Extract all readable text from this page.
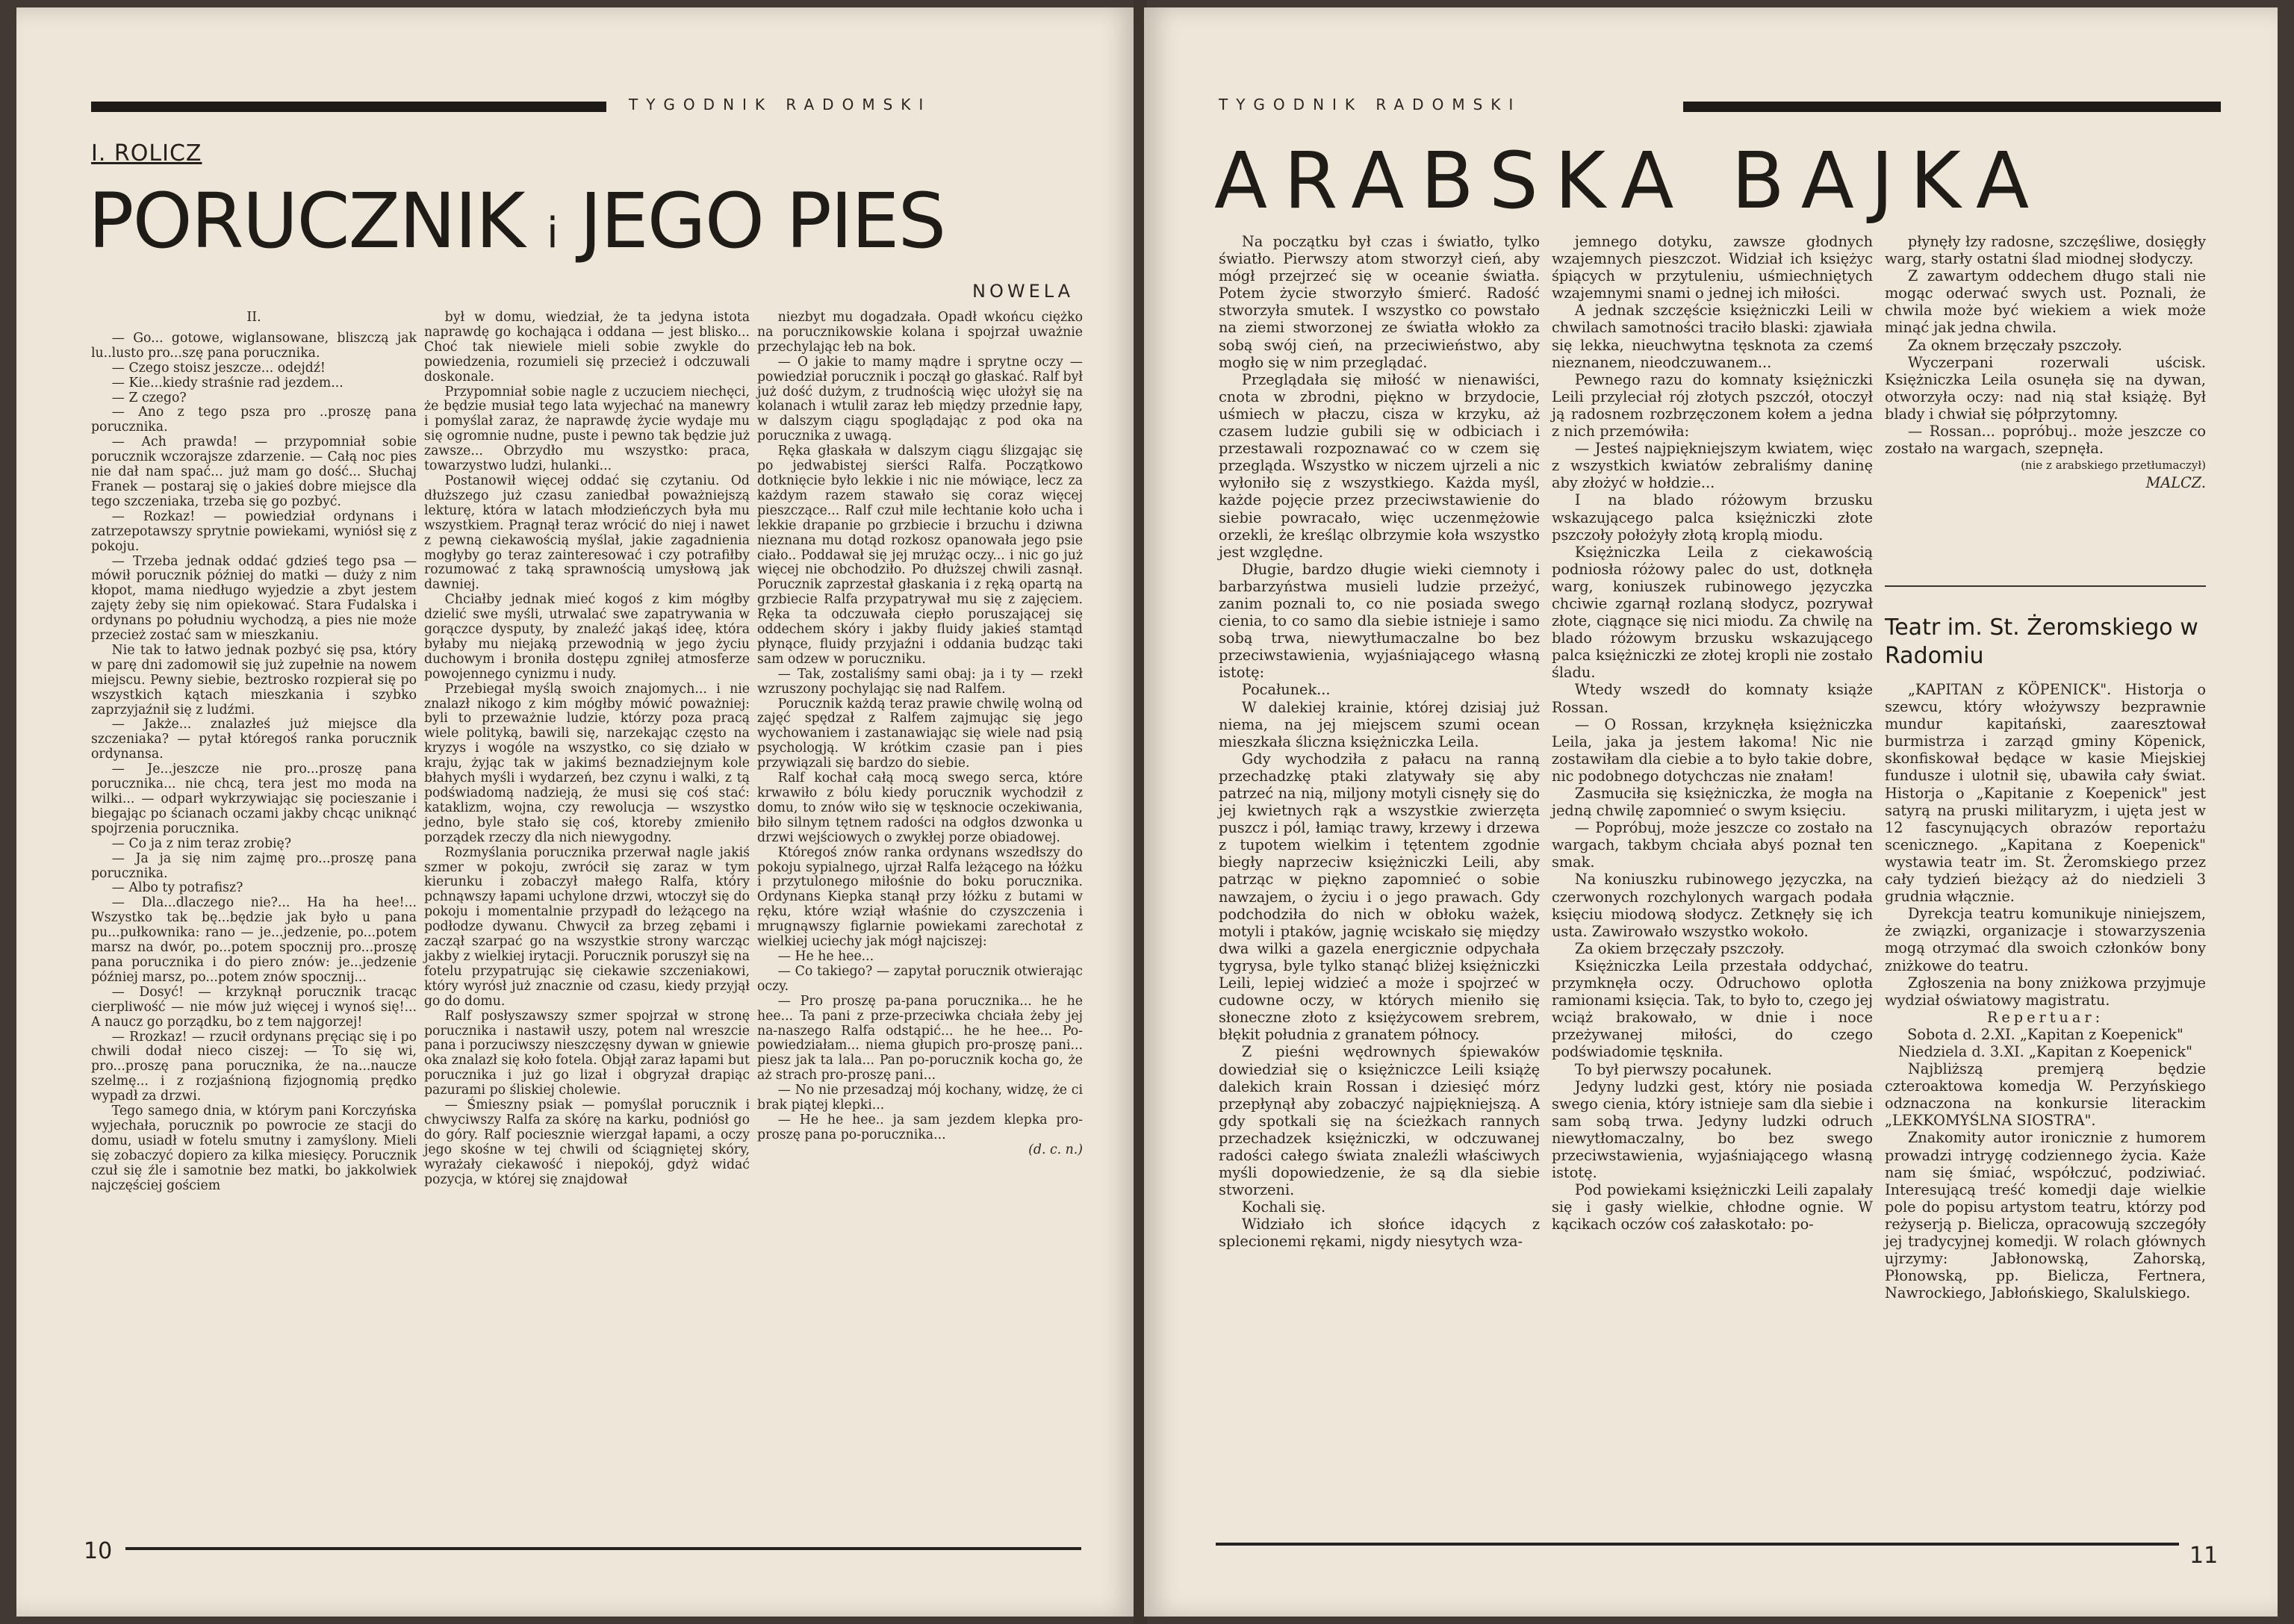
TYGODNIK RADOMSKI
I. ROLICZ
PORUCZNIK i JEGO PIES
NOWELA

II.

— Go... gotowe, wiglansowane, bliszczą jak lu..lusto pro...szę pana porucznika.

— Czego stoisz jeszcze... odejdź!

— Kie...kiedy straśnie rad jezdem...

— Z czego?

— Ano z tego psza pro ..proszę pana porucznika.

— Ach prawda! — przypomniał sobie porucznik wczorajsze zdarzenie. — Całą noc pies nie dał nam spać... już mam go dość... Słuchaj Franek — postaraj się o jakieś dobre miejsce dla tego szczeniaka, trzeba się go pozbyć.

— Rozkaz! — powiedział ordynans i zatrzepotawszy sprytnie powiekami, wyniósł się z pokoju.

— Trzeba jednak oddać gdzieś tego psa — mówił porucznik później do matki — duży z nim kłopot, mama niedługo wyjedzie a zbyt jestem zajęty żeby się nim opiekować. Stara Fudalska i ordynans po południu wychodzą, a pies nie może przecież zostać sam w mieszkaniu.

Nie tak to łatwo jednak pozbyć się psa, który w parę dni zadomowił się już zupełnie na nowem miejscu. Pewny siebie, beztrosko rozpierał się po wszystkich kątach mieszkania i szybko zaprzyjaźnił się z ludźmi.

— Jakże... znalazłeś już miejsce dla szczeniaka? — pytał któregoś ranka porucznik ordynansa.

— Je...jeszcze nie pro...proszę pana porucznika... nie chcą, tera jest mo moda na wilki... — odparł wykrzywiając się pocieszanie i biegając po ścianach oczami jakby chcąc uniknąć spojrzenia porucznika.

— Co ja z nim teraz zrobię?

— Ja ja się nim zajmę pro...proszę pana porucznika.

— Albo ty potrafisz?

— Dla...dlaczego nie?... Ha ha hee!... Wszystko tak bę...będzie jak było u pana pu...pułkownika: rano — je...jedzenie, po...potem marsz na dwór, po...potem spocznij pro...proszę pana porucznika i do piero znów: je...jedzenie później marsz, po...potem znów spocznij...

— Dosyć! — krzyknął porucznik tracąc cierpliwość — nie mów już więcej i wynoś się!... A naucz go porządku, bo z tem najgorzej!

— Rrozkaz! — rzucił ordynans pręciąc się i po chwili dodał nieco ciszej: — To się wi, pro...proszę pana porucznika, że na...naucze szelmę... i z rozjaśnioną fizjognomią prędko wypadł za drzwi.

Tego samego dnia, w którym pani Korczyńska wyjechała, porucznik po powrocie ze stacji do domu, usiadł w fotelu smutny i zamyślony. Mieli się zobaczyć dopiero za kilka miesięcy. Porucznik czuł się źle i samotnie bez matki, bo jakkolwiek najczęściej gościem

był w domu, wiedział, że ta jedyna istota naprawdę go kochająca i oddana — jest blisko... Choć tak niewiele mieli sobie zwykle do powiedzenia, rozumieli się przecież i odczuwali doskonale.

Przypomniał sobie nagle z uczuciem niechęci, że będzie musiał tego lata wyjechać na manewry i pomyślał zaraz, że naprawdę życie wydaje mu się ogromnie nudne, puste i pewno tak będzie już zawsze... Obrzydło mu wszystko: praca, towarzystwo ludzi, hulanki...

Postanowił więcej oddać się czytaniu. Od dłuższego już czasu zaniedbał poważniejszą lekturę, która w latach młodzieńczych była mu wszystkiem. Pragnął teraz wrócić do niej i nawet z pewną ciekawością myślał, jakie zagadnienia mogłyby go teraz zainteresować i czy potrafiłby rozumować z taką sprawnością umysłową jak dawniej.

Chciałby jednak mieć kogoś z kim mógłby dzielić swe myśli, utrwalać swe zapatrywania w gorączce dysputy, by znaleźć jakąś ideę, która byłaby mu niejaką przewodnią w jego życiu duchowym i broniła dostępu zgniłej atmosferze powojennego cynizmu i nudy.

Przebiegał myślą swoich znajomych... i nie znalazł nikogo z kim mógłby mówić poważniej: byli to przeważnie ludzie, którzy poza pracą wiele polityką, bawili się, narzekając często na kryzys i wogóle na wszystko, co się działo w kraju, żyjąc tak w jakimś beznadziejnym kole błahych myśli i wydarzeń, bez czynu i walki, z tą podświadomą nadzieją, że musi się coś stać: kataklizm, wojna, czy rewolucja — wszystko jedno, byle stało się coś, ktoreby zmieniło porządek rzeczy dla nich niewygodny.

Rozmyślania porucznika przerwał nagle jakiś szmer w pokoju, zwrócił się zaraz w tym kierunku i zobaczył małego Ralfa, który pchnąwszy łapami uchylone drzwi, wtoczył się do pokoju i momentalnie przypadł do leżącego na podłodze dywanu. Chwycił za brzeg zębami i zaczął szarpać go na wszystkie strony warcząc jakby z wielkiej irytacji. Porucznik poruszył się na fotelu przypatrując się ciekawie szczeniakowi, który wyrósł już znacznie od czasu, kiedy przyjął go do domu.

Ralf posłyszawszy szmer spojrzał w stronę porucznika i nastawił uszy, potem nal wreszcie pana i porzuciwszy nieszczęsny dywan w gniewie oka znalazł się koło fotela. Objął zaraz łapami but porucznika i już go lizał i obgryzał drapiąc pazurami po śliskiej cholewie.

— Śmieszny psiak — pomyślał porucznik i chwyciwszy Ralfa za skórę na karku, podniósł go do góry. Ralf pociesznie wierzgał łapami, a oczy jego skośne w tej chwili od ściągniętej skóry, wyrażały ciekawość i niepokój, gdyż widać pozycja, w której się znajdował

niezbyt mu dogadzała. Opadł wkońcu ciężko na porucznikowskie kolana i spojrzał uważnie przechylając łeb na bok.

— O jakie to mamy mądre i sprytne oczy — powiedział porucznik i począł go głaskać. Ralf był już dość dużym, z trudnością więc ułożył się na kolanach i wtulił zaraz łeb między przednie łapy, w dalszym ciągu spoglądając z pod oka na porucznika z uwagą.

Ręka głaskała w dalszym ciągu ślizgając się po jedwabistej sierści Ralfa. Początkowo dotknięcie było lekkie i nic nie mówiące, lecz za każdym razem stawało się coraz więcej pieszczące... Ralf czuł mile łechtanie koło ucha i lekkie drapanie po grzbiecie i brzuchu i dziwna nieznana mu dotąd rozkosz opanowała jego psie ciało.. Poddawał się jej mrużąc oczy... i nic go już więcej nie obchodziło. Po dłuższej chwili zasnął. Porucznik zaprzestał głaskania i z ręką opartą na grzbiecie Ralfa przypatrywał mu się z zajęciem. Ręka ta odczuwała ciepło poruszającej się oddechem skóry i jakby fluidy jakieś stamtąd płynące, fluidy przyjaźni i oddania budząc taki sam odzew w poruczniku.

— Tak, zostaliśmy sami obaj: ja i ty — rzekł wzruszony pochylając się nad Ralfem.

Porucznik każdą teraz prawie chwilę wolną od zajęć spędzał z Ralfem zajmując się jego wychowaniem i zastanawiając się wiele nad psią psychologją. W krótkim czasie pan i pies przywiązali się bardzo do siebie.

Ralf kochał całą mocą swego serca, które krwawiło z bólu kiedy porucznik wychodził z domu, to znów wiło się w tęsknocie oczekiwania, biło silnym tętnem radości na odgłos dzwonka u drzwi wejściowych o zwykłej porze obiadowej.

Któregoś znów ranka ordynans wszedłszy do pokoju sypialnego, ujrzał Ralfa leżącego na łóżku i przytulonego miłośnie do boku porucznika. Ordynans Kiepka stanął przy łóżku z butami w ręku, które wziął właśnie do czyszczenia i mrugnąwszy figlarnie powiekami zarechotał z wielkiej uciechy jak mógł najciszej:

— He he hee...

— Co takiego? — zapytał porucznik otwierając oczy.

— Pro proszę pa-pana porucznika... he he hee... Ta pani z prze-przeciwka chciała żeby jej na-naszego Ralfa odstąpić... he he hee... Po-powiedziałam... niema głupich pro-proszę pani... piesz jak ta lala... Pan po-porucznik kocha go, że aż strach pro-proszę pani...

— No nie przesadzaj mój kochany, widzę, że ci brak piątej klepki...

— He he hee.. ja sam jezdem klepka pro-proszę pana po-porucznika...

(d. c. n.)

10
TYGODNIK RADOMSKI
ARABSKA BAJKA

Na początku był czas i światło, tylko światło. Pierwszy atom stworzył cień, aby mógł przejrzeć się w oceanie światła. Potem życie stworzyło śmierć. Radość stworzyła smutek. I wszystko co powstało na ziemi stworzonej ze światła włokło za sobą swój cień, na przeciwieństwo, aby mogło się w nim przeglądać.

Przeglądała się miłość w nienawiści, cnota w zbrodni, piękno w brzydocie, uśmiech w płaczu, cisza w krzyku, aż czasem ludzie gubili się w odbiciach i przestawali rozpoznawać co w czem się przegląda. Wszystko w niczem ujrzeli a nic wyłoniło się z wszystkiego. Każda myśl, każde pojęcie przez przeciwstawienie do siebie powracało, więc uczenmężowie orzekli, że kreśląc olbrzymie koła wszystko jest względne.

Długie, bardzo długie wieki ciemnoty i barbarzyństwa musieli ludzie przeżyć, zanim poznali to, co nie posiada swego cienia, to co samo dla siebie istnieje i samo sobą trwa, niewytłumaczalne bo bez przeciwstawienia, wyjaśniającego własną istotę:

Pocałunek...

W dalekiej krainie, której dzisiaj już niema, na jej miejscem szumi ocean mieszkała śliczna księżniczka Leila.

Gdy wychodziła z pałacu na ranną przechadzkę ptaki zlatywały się aby patrzeć na nią, miljony motyli cisnęły się do jej kwietnych rąk a wszystkie zwierzęta puszcz i pól, łamiąc trawy, krzewy i drzewa z tupotem wielkim i tętentem zgodnie biegły naprzeciw księżniczki Leili, aby patrząc w piękno zapomnieć o sobie nawzajem, o życiu i o jego prawach. Gdy podchodziła do nich w obłoku ważek, motyli i ptaków, jagnię wciskało się między dwa wilki a gazela energicznie odpychała tygrysa, byle tylko stanąć bliżej księżniczki Leili, lepiej widzieć a może i spojrzeć w cudowne oczy, w których mieniło się słoneczne złoto z księżycowem srebrem, błękit południa z granatem północy.

Z pieśni wędrownych śpiewaków dowiedział się o księżniczce Leili książę dalekich krain Rossan i dziesięć mórz przepłynął aby zobaczyć najpiękniejszą. A gdy spotkali się na ścieżkach rannych przechadzek księżniczki, w odczuwanej radości całego świata znaleźli właściwych myśli dopowiedzenie, że są dla siebie stworzeni.

Kochali się.

Widziało ich słońce idących z splecionemi rękami, nigdy niesytych wza-

jemnego dotyku, zawsze głodnych wzajemnych pieszczot. Widział ich księżyc śpiących w przytuleniu, uśmiechniętych wzajemnymi snami o jednej ich miłości.

A jednak szczęście księżniczki Leili w chwilach samotności traciło blaski: zjawiała się lekka, nieuchwytna tęsknota za czemś nieznanem, nieodczuwanem...

Pewnego razu do komnaty księżniczki Leili przyleciał rój złotych pszczół, otoczył ją radosnem rozbrzęczonem kołem a jedna z nich przemówiła:

— Jesteś najpiękniejszym kwiatem, więc z wszystkich kwiatów zebraliśmy daninę aby złożyć w hołdzie...

I na blado różowym brzusku wskazującego palca księżniczki złote pszczoły położyły złotą kroplą miodu.

Księżniczka Leila z ciekawością podniosła różowy palec do ust, dotknęła warg, koniuszek rubinowego języczka chciwie zgarnął rozlaną słodycz, pozrywał złote, ciągnące się nici miodu. Za chwilę na blado różowym brzusku wskazującego palca księżniczki ze złotej kropli nie zostało śladu.

Wtedy wszedł do komnaty książe Rossan.

— O Rossan, krzyknęła księżniczka Leila, jaka ja jestem łakoma! Nic nie zostawiłam dla ciebie a to było takie dobre, nic podobnego dotychczas nie znałam!

Zasmuciła się księżniczka, że mogła na jedną chwilę zapomnieć o swym księciu.

— Popróbuj, może jeszcze co zostało na wargach, takbym chciała abyś poznał ten smak.

Na koniuszku rubinowego języczka, na czerwonych rozchylonych wargach podała księciu miodową słodycz. Zetknęły się ich usta. Zawirowało wszystko wokoło.

Za okiem brzęczały pszczoły.

Księżniczka Leila przestała oddychać, przymknęła oczy. Odruchowo oplotła ramionami księcia. Tak, to było to, czego jej wciąż brakowało, w dnie i noce przeżywanej miłości, do czego podświadomie tęskniła.

To był pierwszy pocałunek.

Jedyny ludzki gest, który nie posiada swego cienia, który istnieje sam dla siebie i sam sobą trwa. Jedyny ludzki odruch niewytłomaczalny, bo bez swego przeciwstawienia, wyjaśniającego własną istotę.

Pod powiekami księżniczki Leili zapalały się i gasły wielkie, chłodne ognie. W kącikach oczów coś załaskotało: po-

płynęły łzy radosne, szczęśliwe, dosięgły warg, starły ostatni ślad miodnej słodyczy.

Z zawartym oddechem długo stali nie mogąc oderwać swych ust. Poznali, że chwila może być wiekiem a wiek może minąć jak jedna chwila.

Za oknem brzęczały pszczoły.

Wyczerpani rozerwali uścisk. Księżniczka Leila osunęła się na dywan, otworzyła oczy: nad nią stał książę. Był blady i chwiał się półprzytomny.

— Rossan... popróbuj.. może jeszcze co zostało na wargach, szepnęła.

(nie z arabskiego przetłumaczył)

MALCZ.

Teatr im. St. Żeromskiego w Radomiu

„KAPITAN z KÖPENICK". Historja o szewcu, który włożywszy bezprawnie mundur kapitański, zaaresztował burmistrza i zarząd gminy Köpenick, skonfiskował będące w kasie Miejskiej fundusze i ulotnił się, ubawiła cały świat. Historja o „Kapitanie z Koepenick" jest satyrą na pruski militaryzm, i ujęta jest w 12 fascynujących obrazów reportażu scenicznego. „Kapitana z Koepenick" wystawia teatr im. St. Żeromskiego przez cały tydzień bieżący aż do niedzieli 3 grudnia włącznie.

Dyrekcja teatru komunikuje niniejszem, że związki, organizacje i stowarzyszenia mogą otrzymać dla swoich członków bony zniżkowe do teatru.

Zgłoszenia na bony zniżkowa przyjmuje wydział oświatowy magistratu.

Repertuar:

Sobota d. 2.XI. „Kapitan z Koepenick"

Niedziela d. 3.XI. „Kapitan z Koepenick"

Najbliższą premjerą będzie czteroaktowa komedja W. Perzyńskiego odznaczona na konkursie literackim „LEKKOMYŚLNA SIOSTRA".

Znakomity autor ironicznie z humorem prowadzi intrygę codziennego życia. Każe nam się śmiać, współczuć, podziwiać. Interesującą treść komedji daje wielkie pole do popisu artystom teatru, którzy pod reżyserją p. Bielicza, opracowują szczegóły jej tradycyjnej komedji. W rolach głównych ujrzymy: Jabłonowską, Zahorską, Płonowską, pp. Bielicza, Fertnera, Nawrockiego, Jabłońskiego, Skalulskiego.

11
